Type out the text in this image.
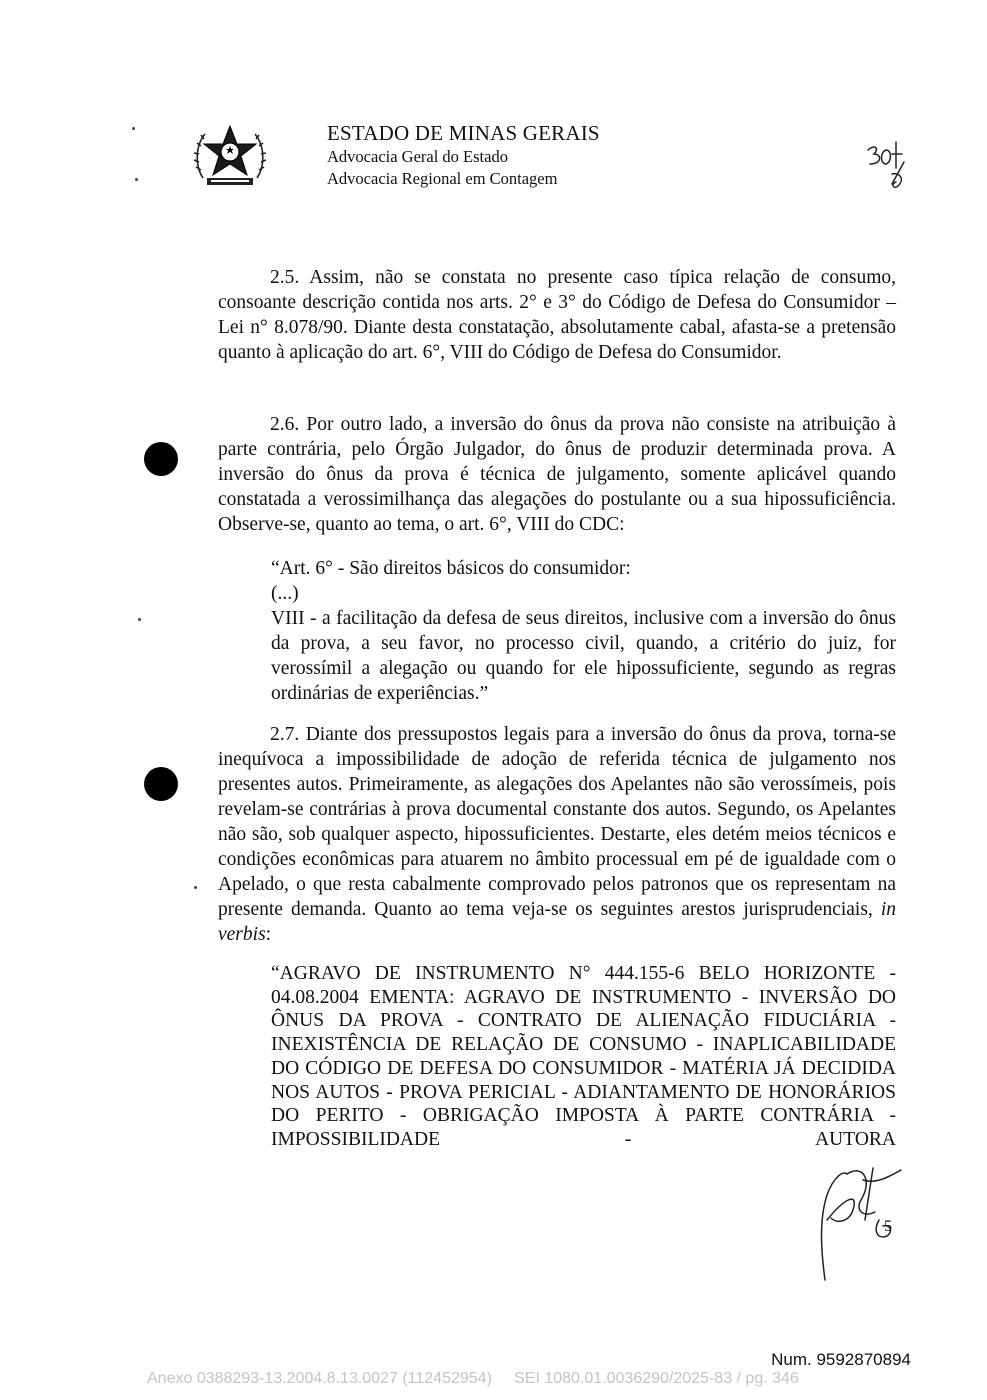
ESTADO DE MINAS GERAIS
Advocacia Geral do Estado
Advocacia Regional em Contagem

2.5. Assim, não se constata no presente caso típica relação de consumo, consoante descrição contida nos arts. 2° e 3° do Código de Defesa do Consumidor – Lei n° 8.078/90. Diante desta constatação, absolutamente cabal, afasta-se a pretensão quanto à aplicação do art. 6°, VIII do Código de Defesa do Consumidor.

2.6. Por outro lado, a inversão do ônus da prova não consiste na atribuição à parte contrária, pelo Órgão Julgador, do ônus de produzir determinada prova. A inversão do ônus da prova é técnica de julgamento, somente aplicável quando constatada a verossimilhança das alegações do postulante ou a sua hipossuficiência. Observe-se, quanto ao tema, o art. 6°, VIII do CDC:

“Art. 6° - São direitos básicos do consumidor:
(...)
VIII - a facilitação da defesa de seus direitos, inclusive com a inversão do ônus da prova, a seu favor, no processo civil, quando, a critério do juiz, for verossímil a alegação ou quando for ele hipossuficiente, segundo as regras ordinárias de experiências.”

2.7. Diante dos pressupostos legais para a inversão do ônus da prova, torna-se inequívoca a impossibilidade de adoção de referida técnica de julgamento nos presentes autos. Primeiramente, as alegações dos Apelantes não são verossímeis, pois revelam-se contrárias à prova documental constante dos autos. Segundo, os Apelantes não são, sob qualquer aspecto, hipossuficientes. Destarte, eles detém meios técnicos e condições econômicas para atuarem no âmbito processual em pé de igualdade com o Apelado, o que resta cabalmente comprovado pelos patronos que os representam na presente demanda. Quanto ao tema veja-se os seguintes arestos jurisprudenciais, in verbis:

“AGRAVO DE INSTRUMENTO N° 444.155-6 BELO HORIZONTE - 04.08.2004 EMENTA: AGRAVO DE INSTRUMENTO - INVERSÃO DO ÔNUS DA PROVA - CONTRATO DE ALIENAÇÃO FIDUCIÁRIA - INEXISTÊNCIA DE RELAÇÃO DE CONSUMO - INAPLICABILIDADE DO CÓDIGO DE DEFESA DO CONSUMIDOR - MATÉRIA JÁ DECIDIDA NOS AUTOS - PROVA PERICIAL - ADIANTAMENTO DE HONORÁRIOS DO PERITO - OBRIGAÇÃO IMPOSTA À PARTE CONTRÁRIA - IMPOSSIBILIDADE - AUTORA
5
Num. 9592870894
Anexo 0388293-13.2004.8.13.0027 (112452954)     SEI 1080.01.0036290/2025-83 / pg. 346
